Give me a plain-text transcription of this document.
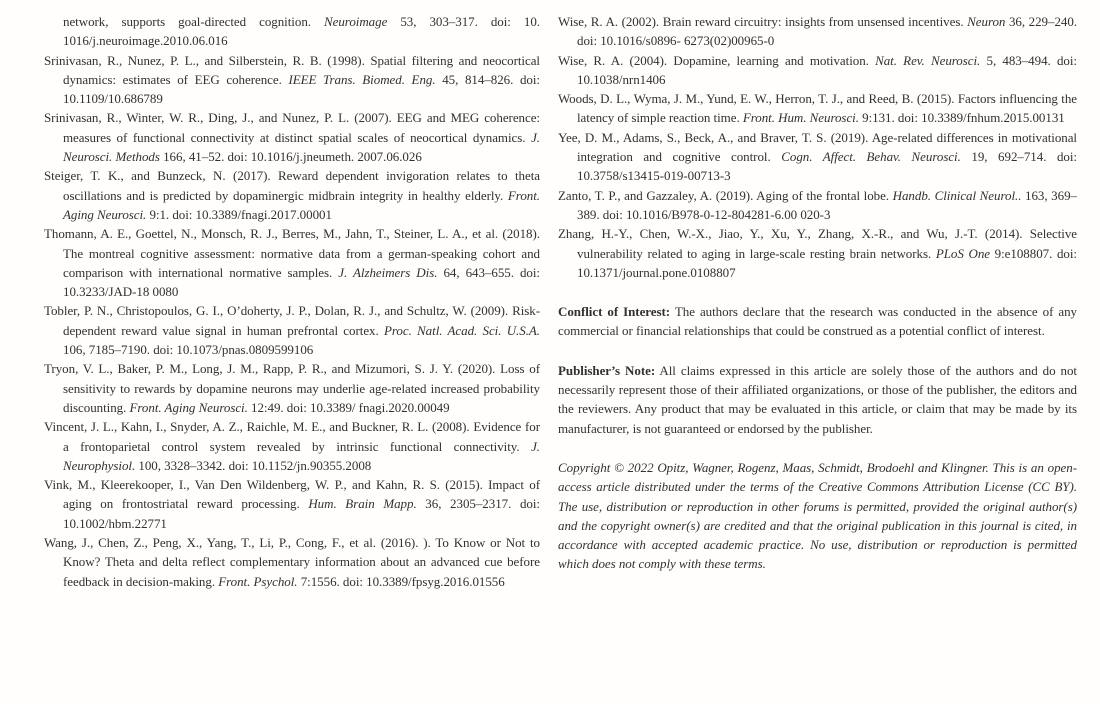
network, supports goal-directed cognition. Neuroimage 53, 303–317. doi: 10. 1016/j.neuroimage.2010.06.016

Srinivasan, R., Nunez, P. L., and Silberstein, R. B. (1998). Spatial filtering and neocortical dynamics: estimates of EEG coherence. IEEE Trans. Biomed. Eng. 45, 814–826. doi: 10.1109/10.686789

Srinivasan, R., Winter, W. R., Ding, J., and Nunez, P. L. (2007). EEG and MEG coherence: measures of functional connectivity at distinct spatial scales of neocortical dynamics. J. Neurosci. Methods 166, 41–52. doi: 10.1016/j.jneumeth. 2007.06.026

Steiger, T. K., and Bunzeck, N. (2017). Reward dependent invigoration relates to theta oscillations and is predicted by dopaminergic midbrain integrity in healthy elderly. Front. Aging Neurosci. 9:1. doi: 10.3389/fnagi.2017.00001

Thomann, A. E., Goettel, N., Monsch, R. J., Berres, M., Jahn, T., Steiner, L. A., et al. (2018). The montreal cognitive assessment: normative data from a german-speaking cohort and comparison with international normative samples. J. Alzheimers Dis. 64, 643–655. doi: 10.3233/JAD-18 0080

Tobler, P. N., Christopoulos, G. I., O’doherty, J. P., Dolan, R. J., and Schultz, W. (2009). Risk-dependent reward value signal in human prefrontal cortex. Proc. Natl. Acad. Sci. U.S.A. 106, 7185–7190. doi: 10.1073/pnas.0809599106

Tryon, V. L., Baker, P. M., Long, J. M., Rapp, P. R., and Mizumori, S. J. Y. (2020). Loss of sensitivity to rewards by dopamine neurons may underlie age-related increased probability discounting. Front. Aging Neurosci. 12:49. doi: 10.3389/ fnagi.2020.00049

Vincent, J. L., Kahn, I., Snyder, A. Z., Raichle, M. E., and Buckner, R. L. (2008). Evidence for a frontoparietal control system revealed by intrinsic functional connectivity. J. Neurophysiol. 100, 3328–3342. doi: 10.1152/jn.90355.2008

Vink, M., Kleerekooper, I., Van Den Wildenberg, W. P., and Kahn, R. S. (2015). Impact of aging on frontostriatal reward processing. Hum. Brain Mapp. 36, 2305–2317. doi: 10.1002/hbm.22771

Wang, J., Chen, Z., Peng, X., Yang, T., Li, P., Cong, F., et al. (2016). ). To Know or Not to Know? Theta and delta reflect complementary information about an advanced cue before feedback in decision-making. Front. Psychol. 7:1556. doi: 10.3389/fpsyg.2016.01556

Wise, R. A. (2002). Brain reward circuitry: insights from unsensed incentives. Neuron 36, 229–240. doi: 10.1016/s0896- 6273(02)00965-0

Wise, R. A. (2004). Dopamine, learning and motivation. Nat. Rev. Neurosci. 5, 483–494. doi: 10.1038/nrn1406

Woods, D. L., Wyma, J. M., Yund, E. W., Herron, T. J., and Reed, B. (2015). Factors influencing the latency of simple reaction time. Front. Hum. Neurosci. 9:131. doi: 10.3389/fnhum.2015.00131

Yee, D. M., Adams, S., Beck, A., and Braver, T. S. (2019). Age-related differences in motivational integration and cognitive control. Cogn. Affect. Behav. Neurosci. 19, 692–714. doi: 10.3758/s13415-019-00713-3

Zanto, T. P., and Gazzaley, A. (2019). Aging of the frontal lobe. Handb. Clinical Neurol.. 163, 369–389. doi: 10.1016/B978-0-12-804281-6.00 020-3

Zhang, H.-Y., Chen, W.-X., Jiao, Y., Xu, Y., Zhang, X.-R., and Wu, J.-T. (2014). Selective vulnerability related to aging in large-scale resting brain networks. PLoS One 9:e108807. doi: 10.1371/journal.pone.0108807

Conflict of Interest: The authors declare that the research was conducted in the absence of any commercial or financial relationships that could be construed as a potential conflict of interest.

Publisher’s Note: All claims expressed in this article are solely those of the authors and do not necessarily represent those of their affiliated organizations, or those of the publisher, the editors and the reviewers. Any product that may be evaluated in this article, or claim that may be made by its manufacturer, is not guaranteed or endorsed by the publisher.

Copyright © 2022 Opitz, Wagner, Rogenz, Maas, Schmidt, Brodoehl and Klingner. This is an open-access article distributed under the terms of the Creative Commons Attribution License (CC BY). The use, distribution or reproduction in other forums is permitted, provided the original author(s) and the copyright owner(s) are credited and that the original publication in this journal is cited, in accordance with accepted academic practice. No use, distribution or reproduction is permitted which does not comply with these terms.
